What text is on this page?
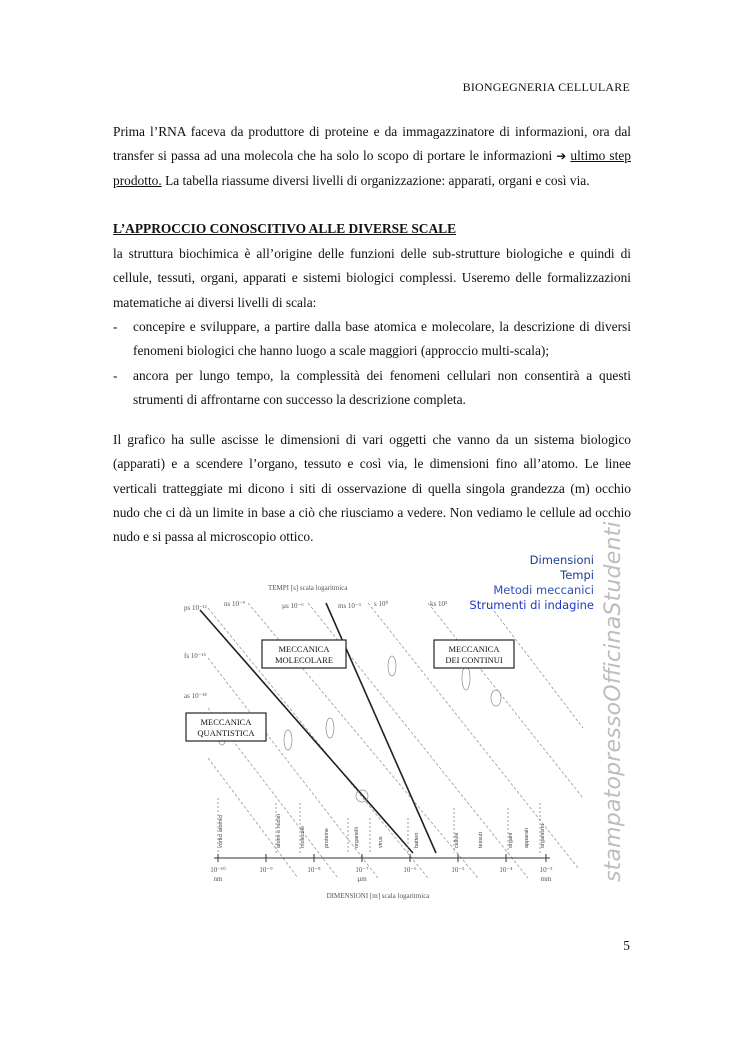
BIONGEGNERIA CELLULARE
Prima l’RNA faceva da produttore di proteine e da immagazzinatore di informazioni, ora dal transfer si passa ad una molecola che ha solo lo scopo di portare le informazioni ➔ ultimo step prodotto. La tabella riassume diversi livelli di organizzazione: apparati, organi e così via.
L’APPROCCIO CONOSCITIVO ALLE DIVERSE SCALE
la struttura biochimica è all’origine delle funzioni delle sub-strutture biologiche e quindi di cellule, tessuti, organi, apparati e sistemi biologici complessi. Useremo delle formalizzazioni matematiche ai diversi livelli di scala:
- concepire e sviluppare, a partire dalla base atomica e molecolare, la descrizione di diversi fenomeni biologici che hanno luogo a scale maggiori (approccio multi-scala);
- ancora per lungo tempo, la complessità dei fenomeni cellulari non consentirà a questi strumenti di affrontarne con successo la descrizione completa.
Il grafico ha sulle ascisse le dimensioni di vari oggetti che vanno da un sistema biologico (apparati) e a scendere l’organo, tessuto e così via, le dimensioni fino all’atomo. Le linee verticali tratteggiate mi dicono i siti di osservazione di quella singola grandezza (m) occhio nudo che ci dà un limite in base a ciò che riusciamo a vedere. Non vediamo le cellule ad occhio nudo e si passa al microscopio ottico.
vortici atomici	atomi e nuclei	molecole	proteine	organelli	virus	batteri	cellule	tessuti	organi apparati organismi
MECCANICA
QUANTISTICA
MECCANICA
MOLECOLARE
MECCANICA
DEI CONTINUI
TEMPI [s] scala logaritmica
ps 10⁻¹² ns 10⁻⁹	µs 10⁻⁶	ms 10⁻³ s 10⁰	ks 10³
fs 10⁻¹⁵
as 10⁻¹⁸
10⁻¹⁰	10⁻⁹	10⁻⁸	10⁻⁷	10⁻⁶	10⁻⁵	10⁻⁴	10⁻³
nm	µm	mm
DIMENSIONI [m] scala logaritmica
Dimensioni
Tempi
Metodi meccanici
Strumenti di indagine stampatopressoOfficinaStudenti
5
